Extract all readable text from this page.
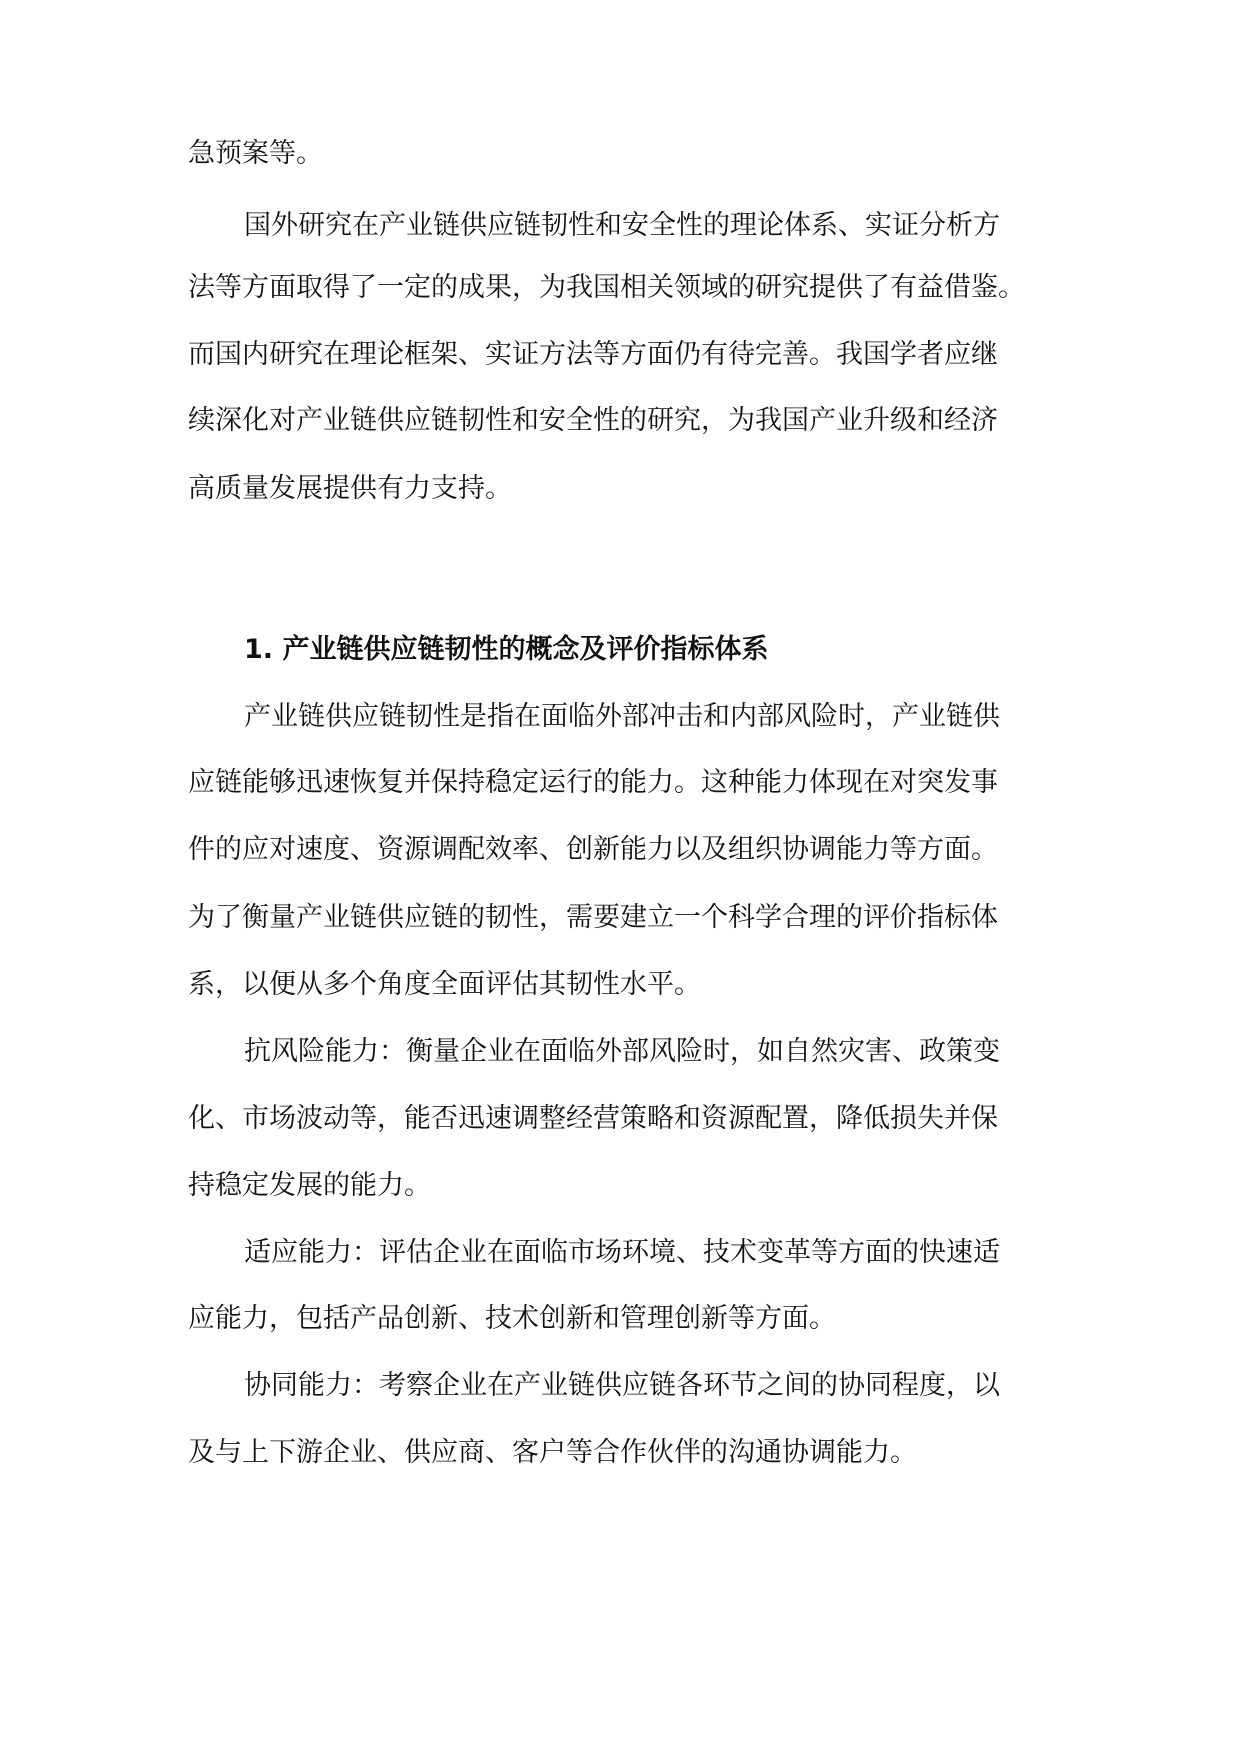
急预案等。
国外研究在产业链供应链韧性和安全性的理论体系、实证分析方
法等方面取得了一定的成果，为我国相关领域的研究提供了有益借鉴。
而国内研究在理论框架、实证方法等方面仍有待完善。我国学者应继
续深化对产业链供应链韧性和安全性的研究，为我国产业升级和经济
高质量发展提供有力支持。
1. 产业链供应链韧性的概念及评价指标体系
产业链供应链韧性是指在面临外部冲击和内部风险时，产业链供
应链能够迅速恢复并保持稳定运行的能力。这种能力体现在对突发事
件的应对速度、资源调配效率、创新能力以及组织协调能力等方面。
为了衡量产业链供应链的韧性，需要建立一个科学合理的评价指标体
系，以便从多个角度全面评估其韧性水平。
抗风险能力：衡量企业在面临外部风险时，如自然灾害、政策变
化、市场波动等，能否迅速调整经营策略和资源配置，降低损失并保
持稳定发展的能力。
适应能力：评估企业在面临市场环境、技术变革等方面的快速适
应能力，包括产品创新、技术创新和管理创新等方面。
协同能力：考察企业在产业链供应链各环节之间的协同程度，以
及与上下游企业、供应商、客户等合作伙伴的沟通协调能力。
